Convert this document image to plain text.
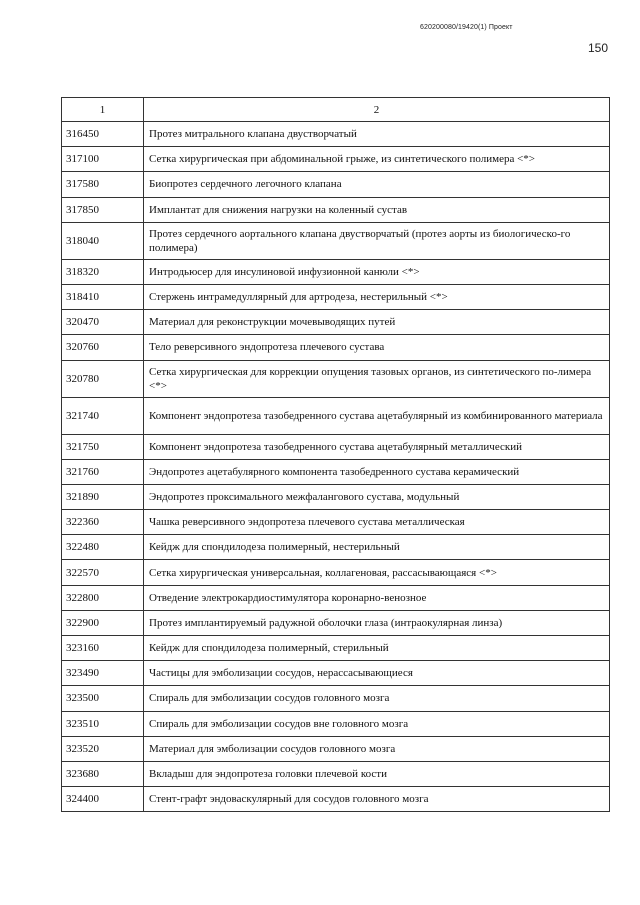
620200080/19420(1) Проект
150
1	2
316450	Протез митрального клапана двустворчатый
317100	Сетка хирургическая при абдоминальной грыже, из синтетического полимера <*>
317580	Биопротез сердечного легочного клапана
317850	Имплантат для снижения нагрузки на коленный сустав
318040	Протез сердечного аортального клапана двустворчатый (протез аорты из биологическо-го полимера)
318320	Интродьюсер для инсулиновой инфузионной канюли <*>
318410	Стержень интрамедуллярный для артродеза, нестерильный <*>
320470	Материал для реконструкции мочевыводящих путей
320760	Тело реверсивного эндопротеза плечевого сустава
320780	Сетка хирургическая для коррекции опущения тазовых органов, из синтетического по-лимера <*>
321740	Компонент эндопротеза тазобедренного сустава ацетабулярный из комбинированного материала
321750	Компонент эндопротеза тазобедренного сустава ацетабулярный металлический
321760	Эндопротез ацетабулярного компонента тазобедренного сустава керамический
321890	Эндопротез проксимального межфалангового сустава, модульный
322360	Чашка реверсивного эндопротеза плечевого сустава металлическая
322480	Кейдж для спондилодеза полимерный, нестерильный
322570	Сетка хирургическая универсальная, коллагеновая, рассасывающаяся <*>
322800	Отведение электрокардиостимулятора коронарно-венозное
322900	Протез имплантируемый радужной оболочки глаза (интраокулярная линза)
323160	Кейдж для спондилодеза полимерный, стерильный
323490	Частицы для эмболизации сосудов, нерассасывающиеся
323500	Спираль для эмболизации сосудов головного мозга
323510	Спираль для эмболизации сосудов вне головного мозга
323520	Материал для эмболизации сосудов головного мозга
323680	Вкладыш для эндопротеза головки плечевой кости
324400	Стент-графт эндоваскулярный для сосудов головного мозга
